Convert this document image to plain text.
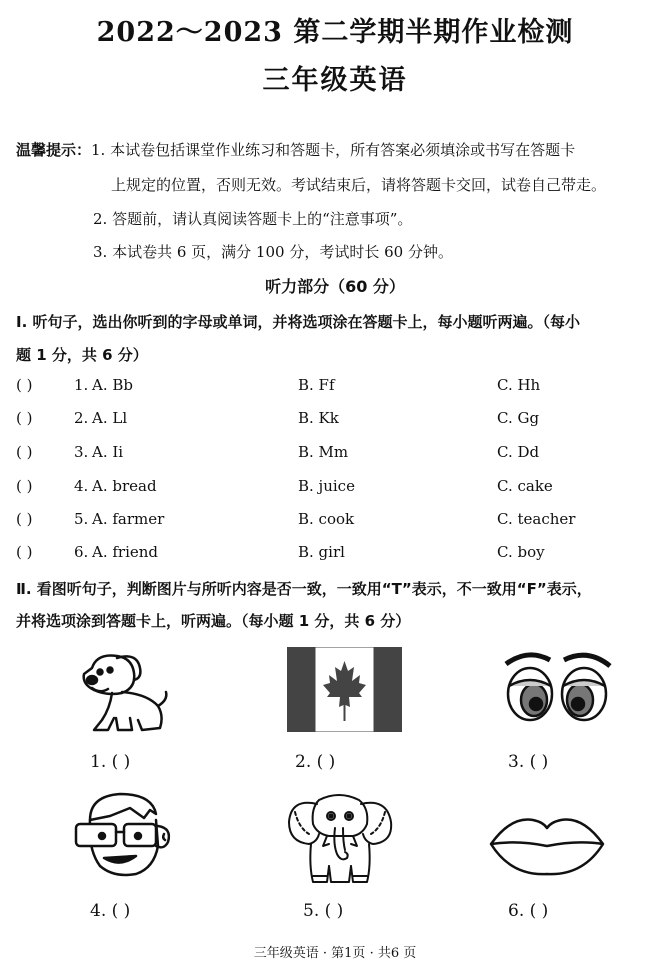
2022～2023 第二学期半期作业检测
三年级英语
温馨提示：1. 本试卷包括课堂作业练习和答题卡，所有答案必须填涂或书写在答题卡
上规定的位置，否则无效。考试结束后，请将答题卡交回，试卷自己带走。
2. 答题前，请认真阅读答题卡上的“注意事项”。
3. 本试卷共 6 页，满分 100 分，考试时长 60 分钟。
听力部分（60 分）
Ⅰ. 听句子，选出你听到的字母或单词，并将选项涂在答题卡上，每小题听两遍。（每小
题 1 分，共 6 分）
( )	1. A. Bb	B. Ff	C. Hh
( )	2. A. Ll	B. Kk	C. Gg
( )	3. A. Ii	B. Mm	C. Dd
( )	4. A. bread	B. juice	C. cake
( )	5. A. farmer	B. cook	C. teacher
( )	6. A. friend	B. girl	C. boy
Ⅱ. 看图听句子，判断图片与所听内容是否一致，一致用“T”表示，不一致用“F”表示，
并将选项涂到答题卡上，听两遍。（每小题 1 分，共 6 分）
1. ( )	2. ( )	3. ( )
4. ( )	5. ( )	6. ( )
三年级英语 · 第1页 · 共6 页
